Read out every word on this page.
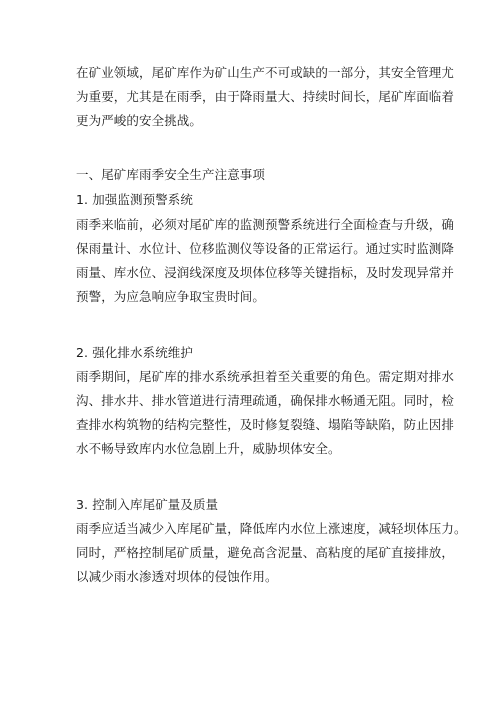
在矿业领域，尾矿库作为矿山生产不可或缺的一部分，其安全管理尤
为重要，尤其是在雨季，由于降雨量大、持续时间长，尾矿库面临着
更为严峻的安全挑战。
一、尾矿库雨季安全生产注意事项
1. 加强监测预警系统
雨季来临前，必须对尾矿库的监测预警系统进行全面检查与升级，确
保雨量计、水位计、位移监测仪等设备的正常运行。通过实时监测降
雨量、库水位、浸润线深度及坝体位移等关键指标，及时发现异常并
预警，为应急响应争取宝贵时间。
2. 强化排水系统维护
雨季期间，尾矿库的排水系统承担着至关重要的角色。需定期对排水
沟、排水井、排水管道进行清理疏通，确保排水畅通无阻。同时，检
查排水构筑物的结构完整性，及时修复裂缝、塌陷等缺陷，防止因排
水不畅导致库内水位急剧上升，威胁坝体安全。
3. 控制入库尾矿量及质量
雨季应适当减少入库尾矿量，降低库内水位上涨速度，减轻坝体压力。
同时，严格控制尾矿质量，避免高含泥量、高粘度的尾矿直接排放，
以减少雨水渗透对坝体的侵蚀作用。
